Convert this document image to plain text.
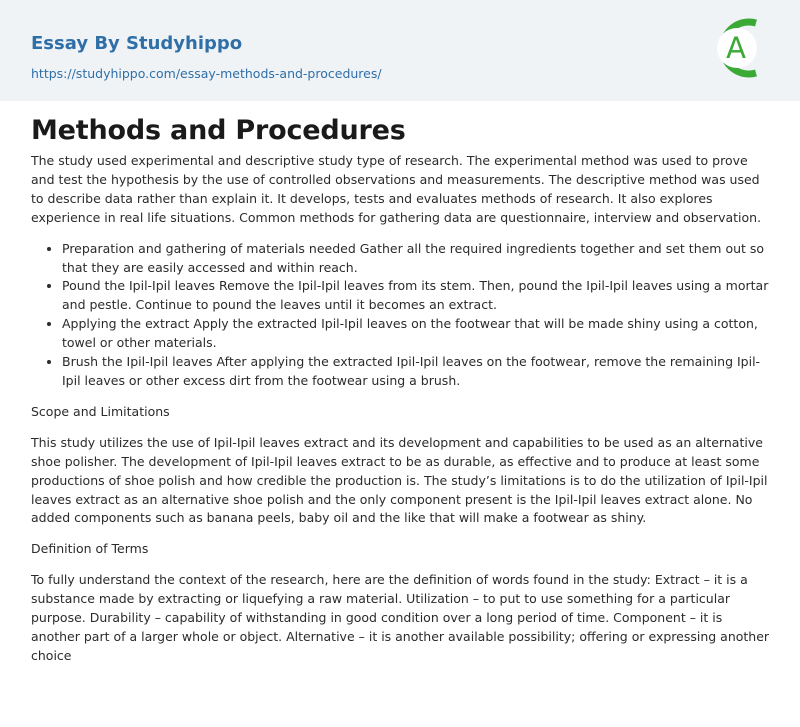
Essay By Studyhippo
https://studyhippo.com/essay-methods-and-procedures/
A
Methods and Procedures

The study used experimental and descriptive study type of research. The experimental method was used to prove and test the hypothesis by the use of controlled observations and measurements. The descriptive method was used to describe data rather than explain it. It develops, tests and evaluates methods of research. It also explores experience in real life situations. Common methods for gathering data are questionnaire, interview and observation.

• Preparation and gathering of materials needed Gather all the required ingredients together and set them out so that they are easily accessed and within reach.
• Pound the Ipil-Ipil leaves Remove the Ipil-Ipil leaves from its stem. Then, pound the Ipil-Ipil leaves using a mortar and pestle. Continue to pound the leaves until it becomes an extract.
• Applying the extract Apply the extracted Ipil-Ipil leaves on the footwear that will be made shiny using a cotton, towel or other materials.
• Brush the Ipil-Ipil leaves After applying the extracted Ipil-Ipil leaves on the footwear, remove the remaining Ipil-Ipil leaves or other excess dirt from the footwear using a brush.

Scope and Limitations

This study utilizes the use of Ipil-Ipil leaves extract and its development and capabilities to be used as an alternative shoe polisher. The development of Ipil-Ipil leaves extract to be as durable, as effective and to produce at least some productions of shoe polish and how credible the production is. The study’s limitations is to do the utilization of Ipil-Ipil leaves extract as an alternative shoe polish and the only component present is the Ipil-Ipil leaves extract alone. No added components such as banana peels, baby oil and the like that will make a footwear as shiny.

Definition of Terms

To fully understand the context of the research, here are the definition of words found in the study: Extract – it is a substance made by extracting or liquefying a raw material. Utilization – to put to use something for a particular purpose. Durability – capability of withstanding in good condition over a long period of time. Component – it is another part of a larger whole or object. Alternative – it is another available possibility; offering or expressing another choice
